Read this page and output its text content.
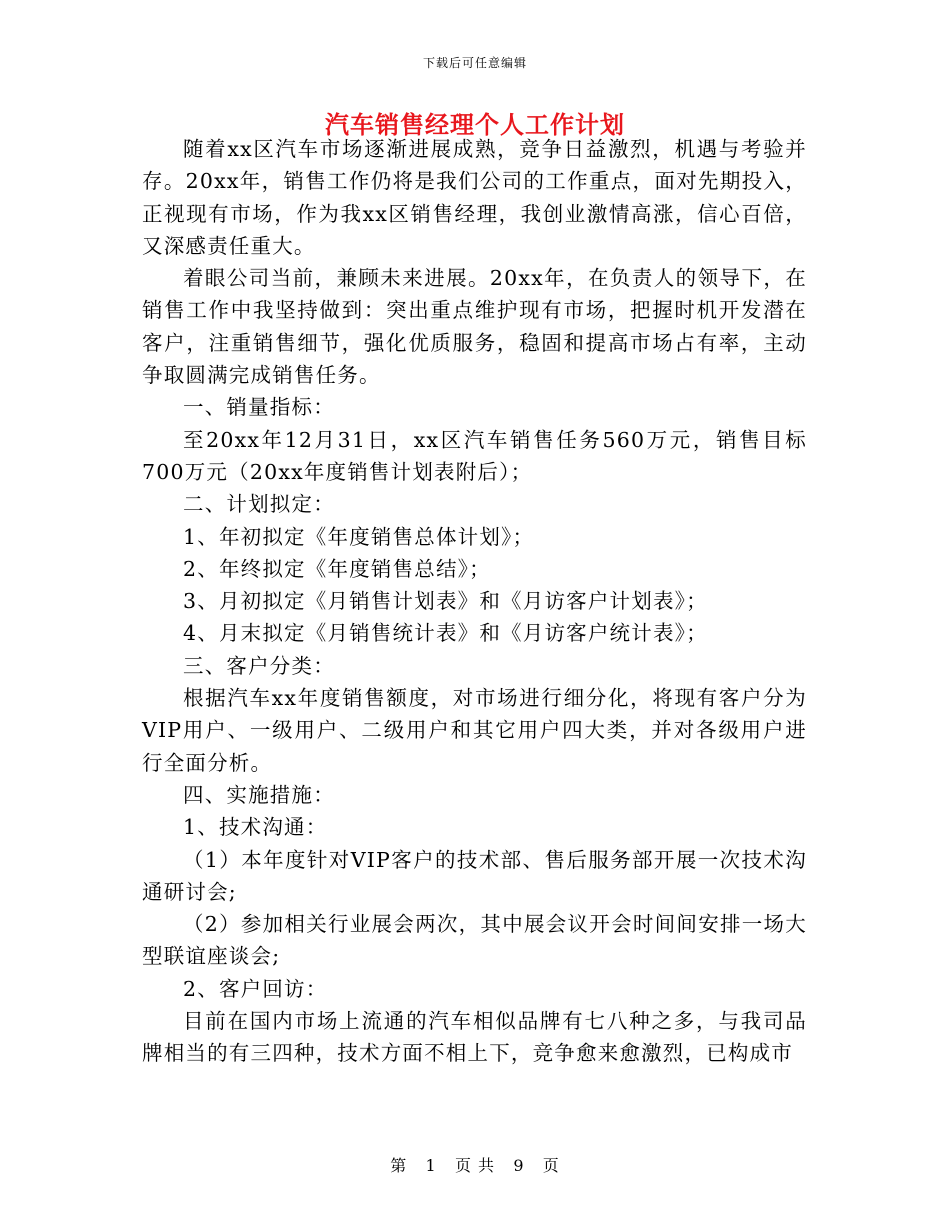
下载后可任意编辑
汽车销售经理个人工作计划

随着xx区汽车市场逐渐进展成熟，竞争日益激烈，机遇与考验并存。20xx年，销售工作仍将是我们公司的工作重点，面对先期投入，正视现有市场，作为我xx区销售经理，我创业激情高涨，信心百倍，又深感责任重大。

着眼公司当前，兼顾未来进展。20xx年，在负责人的领导下，在销售工作中我坚持做到：突出重点维护现有市场，把握时机开发潜在客户，注重销售细节，强化优质服务，稳固和提高市场占有率，主动争取圆满完成销售任务。

一、销量指标：

至20xx年12月31日，xx区汽车销售任务560万元，销售目标700万元（20xx年度销售计划表附后）；

二、计划拟定：

1、年初拟定《年度销售总体计划》；

2、年终拟定《年度销售总结》；

3、月初拟定《月销售计划表》和《月访客户计划表》；

4、月末拟定《月销售统计表》和《月访客户统计表》；

三、客户分类：

根据汽车xx年度销售额度，对市场进行细分化，将现有客户分为VIP用户、一级用户、二级用户和其它用户四大类，并对各级用户进行全面分析。

四、实施措施：

1、技术沟通：

（1）本年度针对VIP客户的技术部、售后服务部开展一次技术沟通研讨会;

（2）参加相关行业展会两次，其中展会议开会时间间安排一场大型联谊座谈会;

2、客户回访：

目前在国内市场上流通的汽车相似品牌有七八种之多，与我司品牌相当的有三四种，技术方面不相上下，竞争愈来愈激烈，已构成市

第 1 页 共 9 页
